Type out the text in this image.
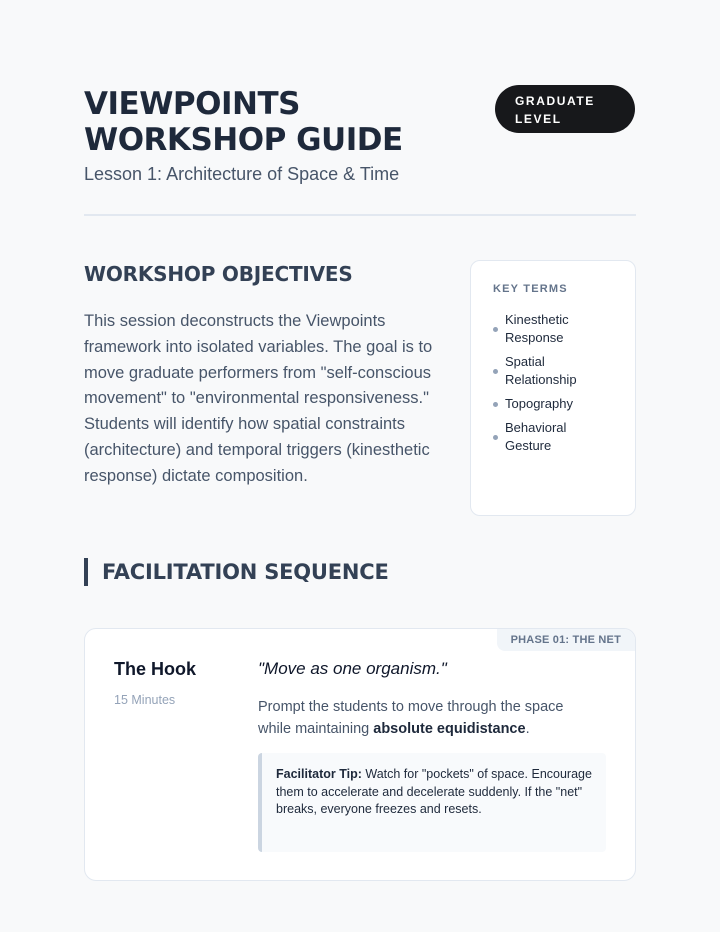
VIEWPOINTS WORKSHOP GUIDE
Lesson 1: Architecture of Space & Time
GRADUATE LEVEL
WORKSHOP OBJECTIVES

This session deconstructs the Viewpoints framework into isolated variables. The goal is to move graduate performers from "self-conscious movement" to "environmental responsiveness." Students will identify how spatial constraints (architecture) and temporal triggers (kinesthetic response) dictate composition.

KEY TERMS
Kinesthetic Response
Spatial Relationship
Topography
Behavioral Gesture
FACILITATION SEQUENCE
PHASE 01: THE NET
The Hook
15 Minutes
"Move as one organism."

Prompt the students to move through the space while maintaining absolute equidistance.

Facilitator Tip: Watch for "pockets" of space. Encourage them to accelerate and decelerate suddenly. If the "net" breaks, everyone freezes and resets.
